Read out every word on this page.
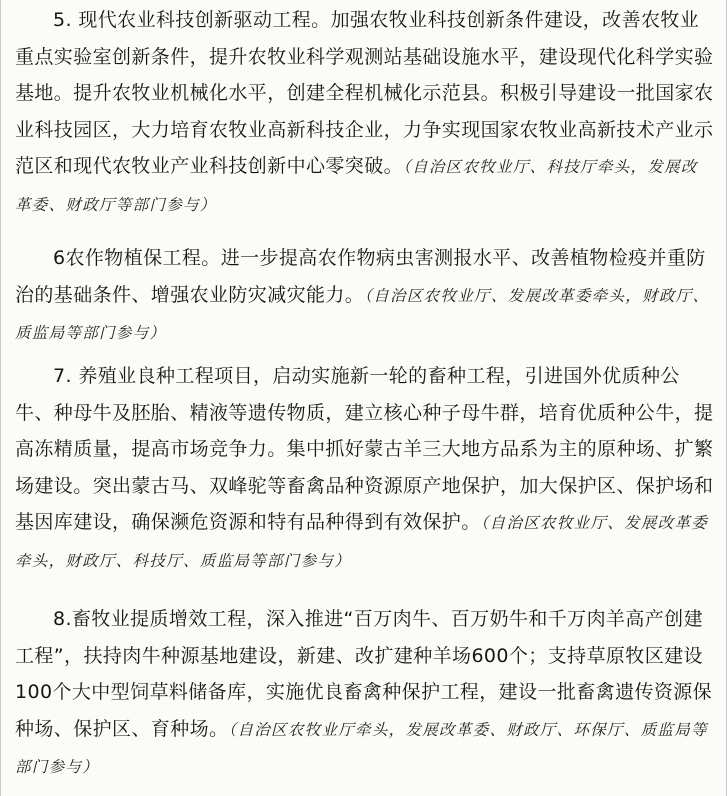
5. 现代农业科技创新驱动工程。加强农牧业科技创新条件建设，改善农牧业重点实验室创新条件，提升农牧业科学观测站基础设施水平，建设现代化科学实验基地。提升农牧业机械化水平，创建全程机械化示范县。积极引导建设一批国家农业科技园区，大力培育农牧业高新科技企业，力争实现国家农牧业高新技术产业示范区和现代农牧业产业科技创新中心零突破。（自治区农牧业厅、科技厅牵头，发展改革委、财政厅等部门参与）

6农作物植保工程。进一步提高农作物病虫害测报水平、改善植物检疫并重防治的基础条件、增强农业防灾减灾能力。（自治区农牧业厅、发展改革委牵头，财政厅、质监局等部门参与）

7. 养殖业良种工程项目，启动实施新一轮的畜种工程，引进国外优质种公牛、种母牛及胚胎、精液等遗传物质，建立核心种子母牛群，培育优质种公牛，提高冻精质量，提高市场竞争力。集中抓好蒙古羊三大地方品系为主的原种场、扩繁场建设。突出蒙古马、双峰驼等畜禽品种资源原产地保护，加大保护区、保护场和基因库建设，确保濒危资源和特有品种得到有效保护。（自治区农牧业厅、发展改革委牵头，财政厅、科技厅、质监局等部门参与）

8.畜牧业提质增效工程，深入推进“百万肉牛、百万奶牛和千万肉羊高产创建工程”，扶持肉牛种源基地建设，新建、改扩建种羊场600个；支持草原牧区建设100个大中型饲草料储备库，实施优良畜禽种保护工程，建设一批畜禽遗传资源保种场、保护区、育种场。（自治区农牧业厅牵头，发展改革委、财政厅、环保厅、质监局等部门参与）
